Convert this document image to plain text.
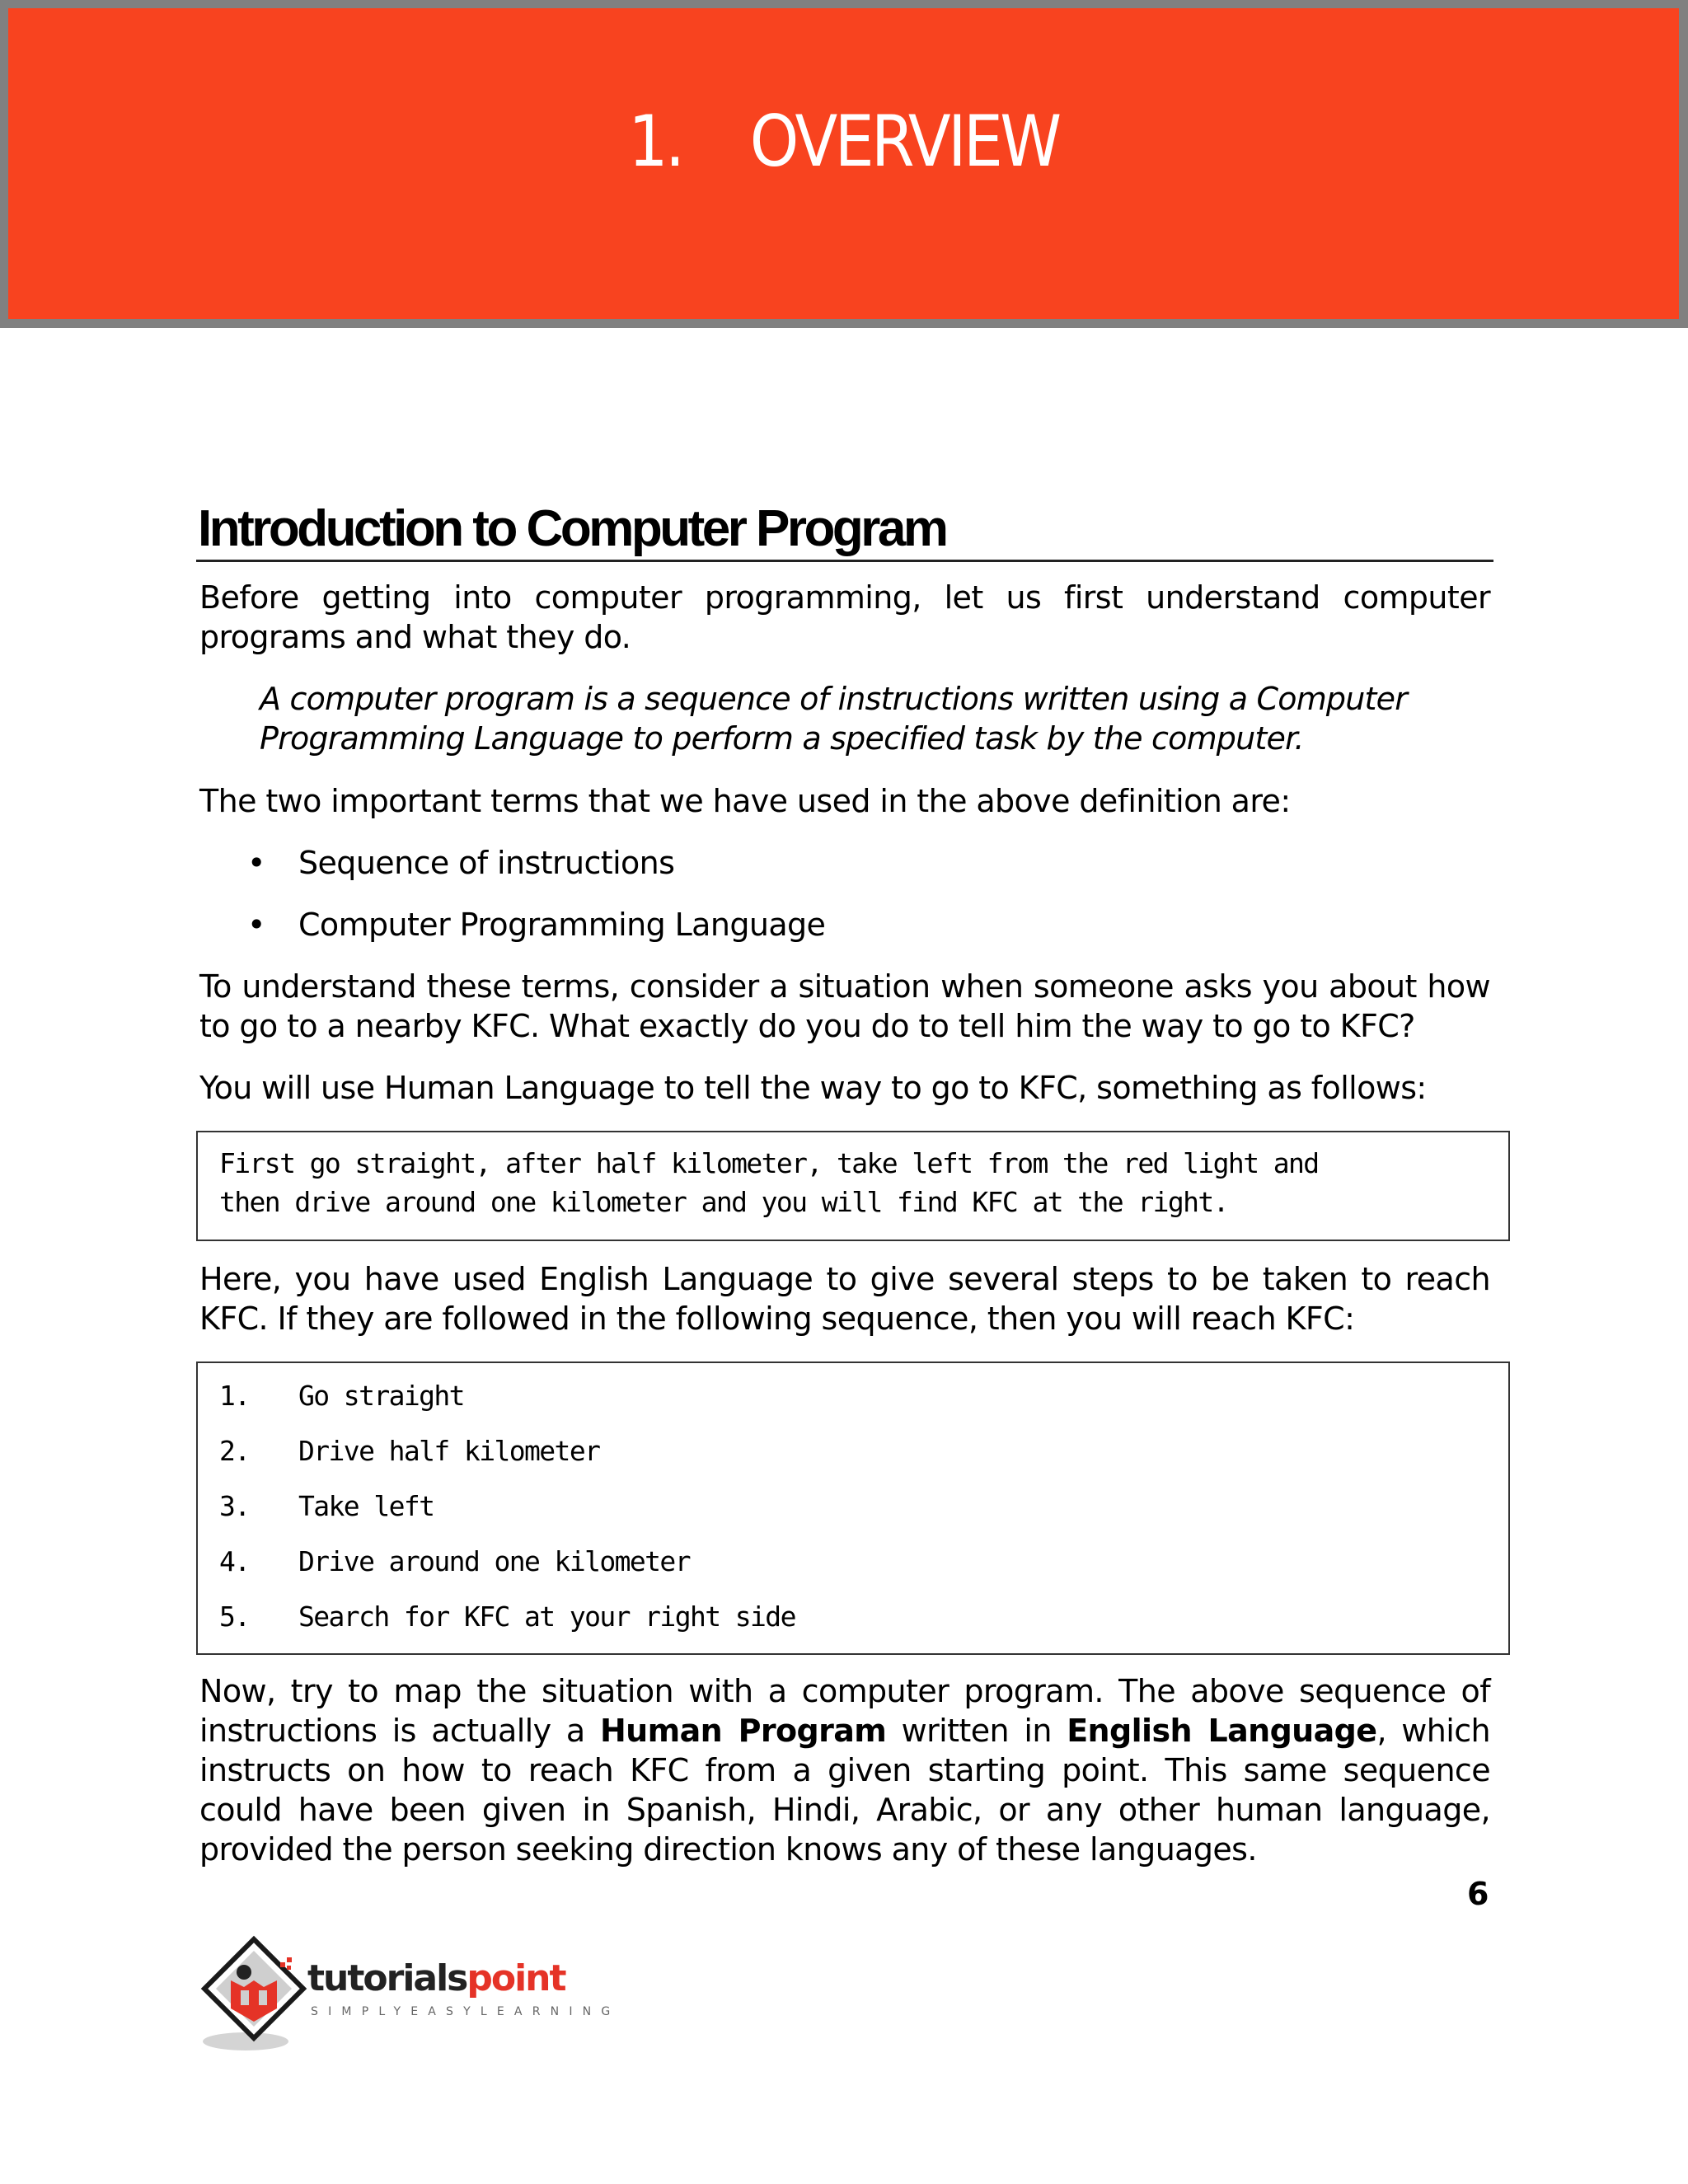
1.    OVERVIEW
Introduction to Computer Program
Before getting into computer programming, let us first understand computer programs and what they do.
A computer program is a sequence of instructions written using a Computer Programming Language to perform a specified task by the computer.
The two important terms that we have used in the above definition are:
• Sequence of instructions
• Computer Programming Language
To understand these terms, consider a situation when someone asks you about how to go to a nearby KFC. What exactly do you do to tell him the way to go to KFC?
You will use Human Language to tell the way to go to KFC, something as follows:
First go straight, after half kilometer, take left from the red light and
then drive around one kilometer and you will find KFC at the right.
Here, you have used English Language to give several steps to be taken to reach KFC. If they are followed in the following sequence, then you will reach KFC:
1. Go straight
2. Drive half kilometer
3. Take left
4. Drive around one kilometer
5. Search for KFC at your right side
Now, try to map the situation with a computer program. The above sequence of instructions is actually a Human Program written in English Language, which instructs on how to reach KFC from a given starting point. This same sequence could have been given in Spanish, Hindi, Arabic, or any other human language, provided the person seeking direction knows any of these languages.
6
tutorialspoint
SIMPLYEASYLEARNING
